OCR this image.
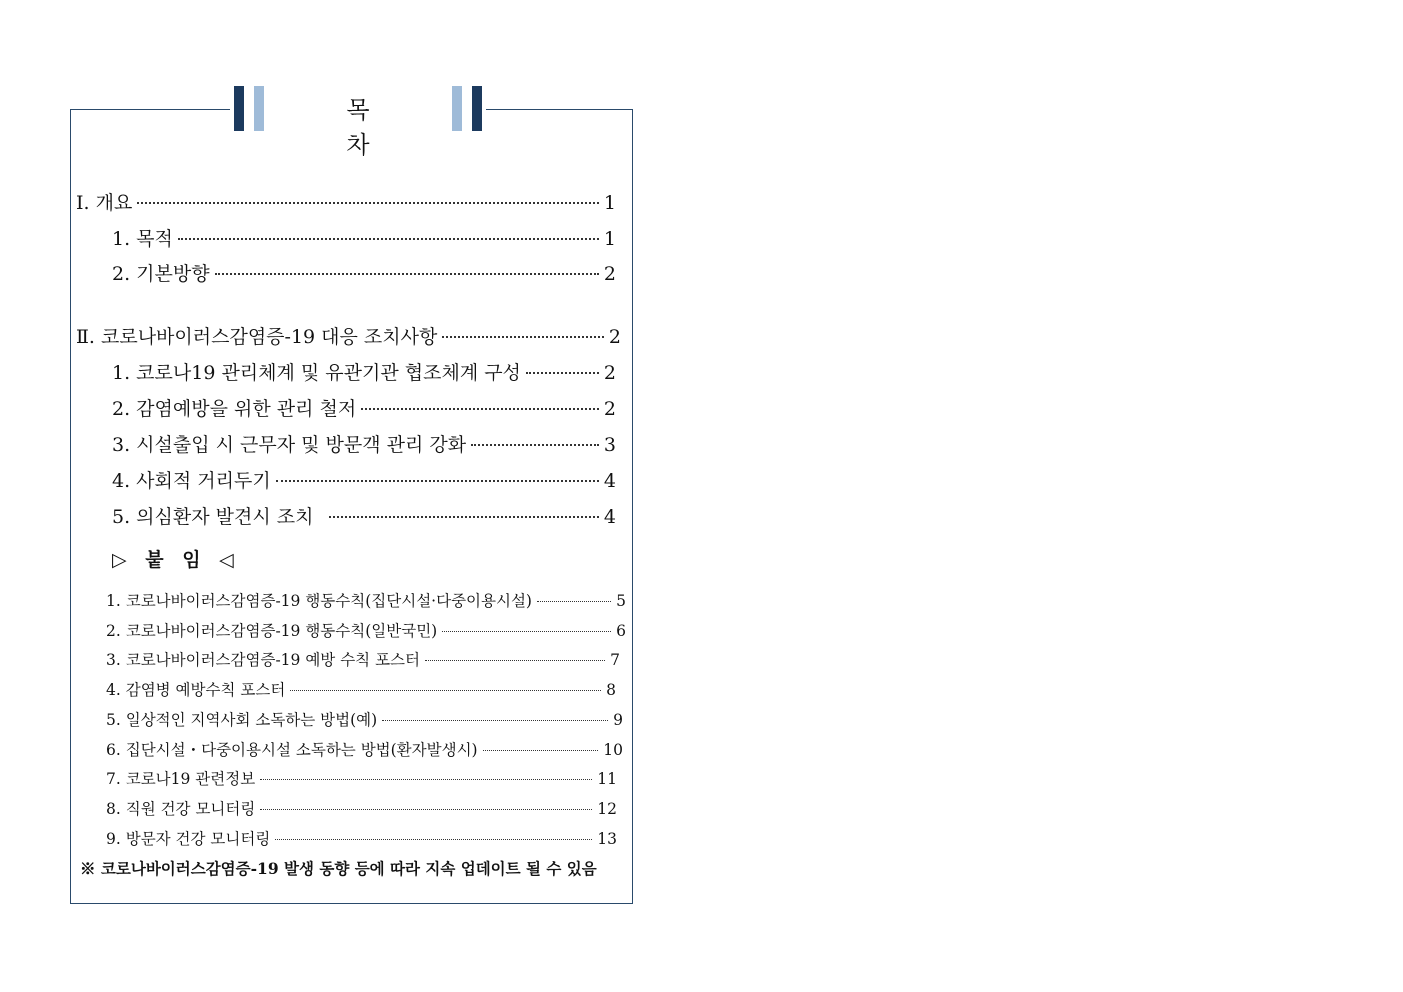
목 차
Ⅰ. 개요	1
1. 목적	1
2. 기본방향	2
Ⅱ. 코로나바이러스감염증-19 대응 조치사항	2
1. 코로나19 관리체계 및 유관기관 협조체계 구성	2
2. 감염예방을 위한 관리 철저	2
3. 시설출입 시 근무자 및 방문객 관리 강화	3
4. 사회적 거리두기	4
5. 의심환자 발견시 조치	4
▷ 붙 임 ◁
1. 코로나바이러스감염증-19 행동수칙(집단시설·다중이용시설)	5
2. 코로나바이러스감염증-19 행동수칙(일반국민)	6
3. 코로나바이러스감염증-19 예방 수칙 포스터	7
4. 감염병 예방수칙 포스터	8
5. 일상적인 지역사회 소독하는 방법(예)	9
6. 집단시설・다중이용시설 소독하는 방법(환자발생시)	10
7. 코로나19 관련정보	11
8. 직원 건강 모니터링	12
9. 방문자 건강 모니터링	13
※ 코로나바이러스감염증-19 발생 동향 등에 따라 지속 업데이트 될 수 있음
